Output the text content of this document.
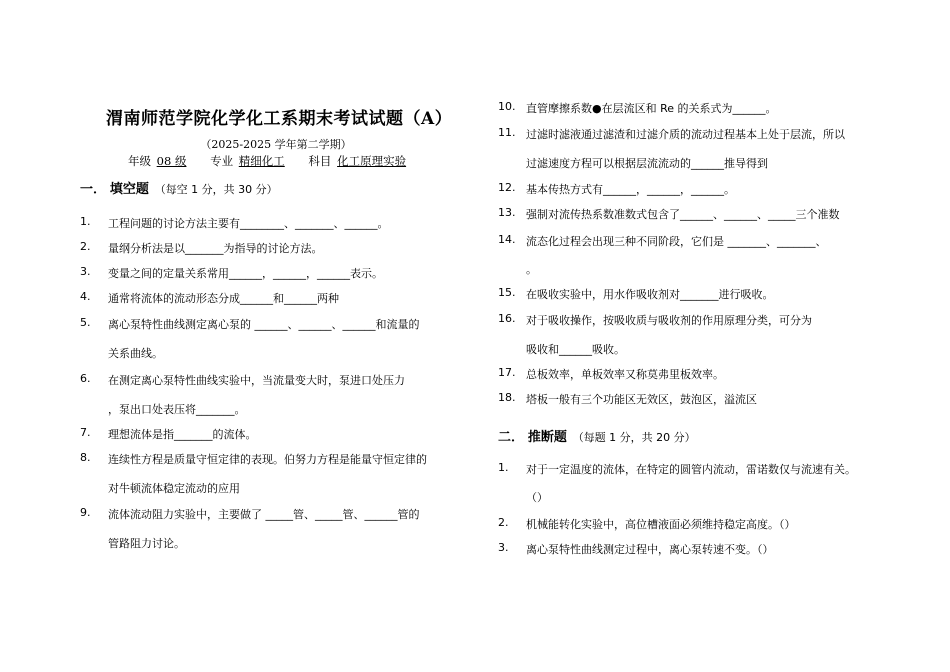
渭南师范学院化学化工系期末考试试题（A）
（2025-2025 学年第二学期）
年级 08 级 专业 精细化工 科目 化工原理实验
一． 填空题 （每空 1 分，共 30 分）
1.	工程问题的讨论方法主要有________、_______、______。
2.	量纲分析法是以_______为指导的讨论方法。
3.	变量之间的定量关系常用______，______，______表示。
4.	通常将流体的流动形态分成______和______两种
5.	离心泵特性曲线测定离心泵的 ______、______、______和流量的
关系曲线。
6.	在测定离心泵特性曲线实验中，当流量变大时，泵进口处压力
，泵出口处表压将_______。
7.	理想流体是指_______的流体。
8.	连续性方程是质量守恒定律的表现。伯努力方程是能量守恒定律的
对牛顿流体稳定流动的应用
9.	流体流动阻力实验中，主要做了 _____管、_____管、______管的
管路阻力讨论。
10. 直管摩擦系数●在层流区和 Re 的关系式为______。
11. 过滤时滤液通过滤渣和过滤介质的流动过程基本上处于层流，所以
过滤速度方程可以根据层流流动的______推导得到
12. 基本传热方式有______，______，______。
13. 强制对流传热系数准数式包含了______、______、_____三个准数
14. 流态化过程会出现三种不同阶段，它们是 _______、_______、
。
15. 在吸收实验中，用水作吸收剂对_______进行吸收。
16. 对于吸收操作，按吸收质与吸收剂的作用原理分类，可分为
吸收和______吸收。
17. 总板效率，单板效率又称莫弗里板效率。
18. 塔板一般有三个功能区无效区，鼓泡区，溢流区
二． 推断题 （每题 1 分，共 20 分）
1.	对于一定温度的流体，在特定的圆管内流动，雷诺数仅与流速有关。
（）
2.	机械能转化实验中，高位槽液面必须维持稳定高度。（）
3.	离心泵特性曲线测定过程中，离心泵转速不变。（）
